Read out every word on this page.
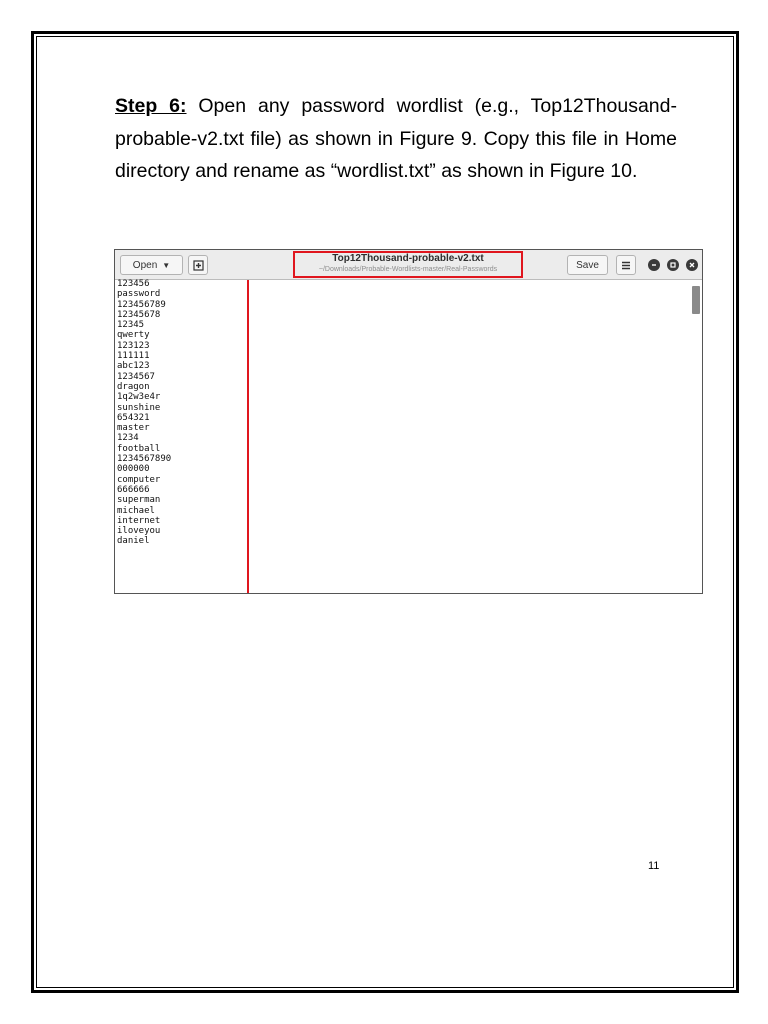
Step 6: Open any password wordlist (e.g., Top12Thousand-probable-v2.txt file) as shown in Figure 9. Copy this file in Home directory and rename as “wordlist.txt” as shown in Figure 10.
Open ▼
Top12Thousand-probable-v2.txt
~/Downloads/Probable-Wordlists-master/Real-Passwords	Save
123456
password
123456789
12345678
12345
qwerty
123123
111111
abc123
1234567
dragon
1q2w3e4r
sunshine
654321
master
1234
football
1234567890
000000
computer
666666
superman
michael
internet
iloveyou
daniel
11
